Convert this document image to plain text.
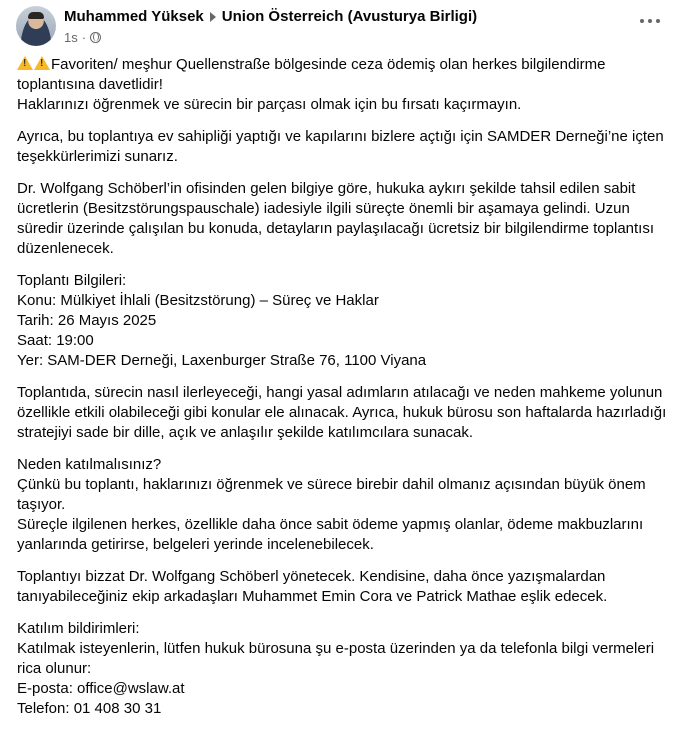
Muhammed Yüksek Union Österreich (Avusturya Birligi)
1s ·

!!Favoriten/ meşhur Quellenstraße bölgesinde ceza ödemiş olan herkes bilgilendirme toplantısına davetlidir!
Haklarınızı öğrenmek ve sürecin bir parçası olmak için bu fırsatı kaçırmayın.

Ayrıca, bu toplantıya ev sahipliği yaptığı ve kapılarını bizlere açtığı için SAMDER Derneği’ne içten teşekkürlerimizi sunarız.

Dr. Wolfgang Schöberl’in ofisinden gelen bilgiye göre, hukuka aykırı şekilde tahsil edilen sabit ücretlerin (Besitzstörungspauschale) iadesiyle ilgili süreçte önemli bir aşamaya gelindi. Uzun süredir üzerinde çalışılan bu konuda, detayların paylaşılacağı ücretsiz bir bilgilendirme toplantısı düzenlenecek.

Toplantı Bilgileri:
Konu: Mülkiyet İhlali (Besitzstörung) – Süreç ve Haklar
Tarih: 26 Mayıs 2025
Saat: 19:00
Yer: SAM-DER Derneği, Laxenburger Straße 76, 1100 Viyana

Toplantıda, sürecin nasıl ilerleyeceği, hangi yasal adımların atılacağı ve neden mahkeme yolunun özellikle etkili olabileceği gibi konular ele alınacak. Ayrıca, hukuk bürosu son haftalarda hazırladığı stratejiyi sade bir dille, açık ve anlaşılır şekilde katılımcılara sunacak.

Neden katılmalısınız?
Çünkü bu toplantı, haklarınızı öğrenmek ve sürece birebir dahil olmanız açısından büyük önem taşıyor.
Süreçle ilgilenen herkes, özellikle daha önce sabit ödeme yapmış olanlar, ödeme makbuzlarını yanlarında getirirse, belgeleri yerinde incelenebilecek.

Toplantıyı bizzat Dr. Wolfgang Schöberl yönetecek. Kendisine, daha önce yazışmalardan tanıyabileceğiniz ekip arkadaşları Muhammet Emin Cora ve Patrick Mathae eşlik edecek.

Katılım bildirimleri:
Katılmak isteyenlerin, lütfen hukuk bürosuna şu e-posta üzerinden ya da telefonla bilgi vermeleri rica olunur:
E-posta: office@wslaw.at
Telefon: 01 408 30 31
